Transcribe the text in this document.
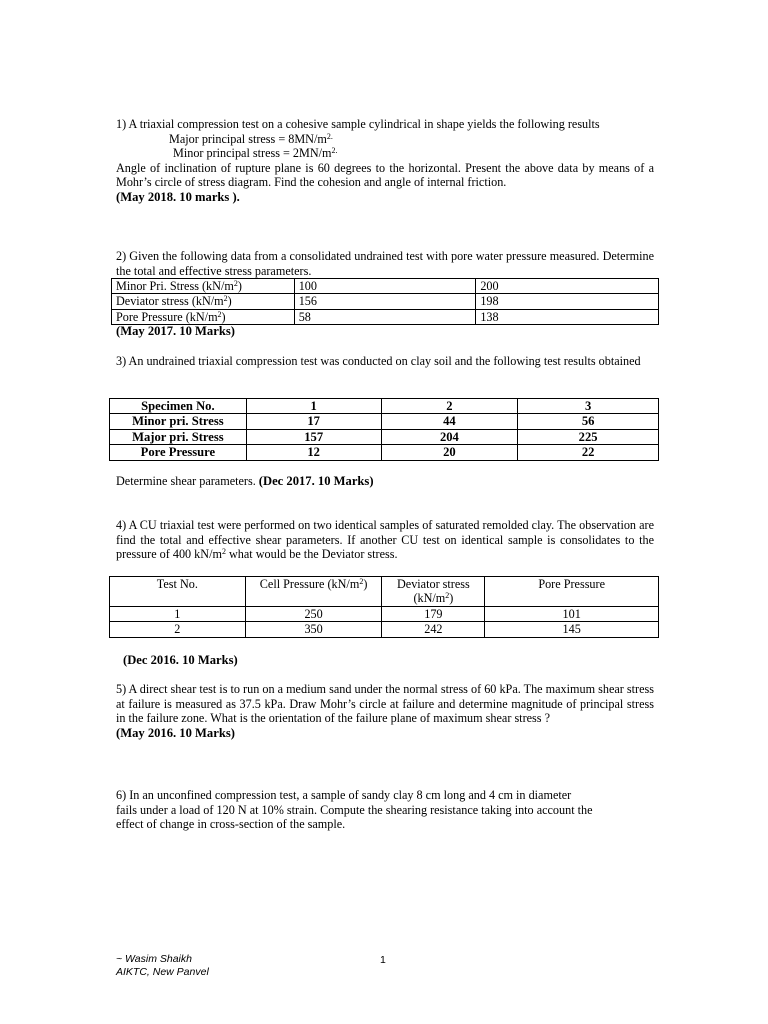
1) A triaxial compression test on a cohesive sample cylindrical in shape yields the following results

Major principal stress = $8MN/m^{2.}$

Minor principal stress = $2MN/m^{2.}$

Angle of inclination of rupture plane is 60 degrees to the horizontal. Present the above data by means of a Mohr’s circle of stress diagram. Find the cohesion and angle of internal friction.

(May 2018. 10 marks ).

2) Given the following data from a consolidated undrained test with pore water pressure measured. Determine the total and effective stress parameters.

Minor Pri. Stress $(kN/m^2)$	100	200
Deviator stress $(kN/m^2)$	156	198
Pore Pressure $(kN/m^2)$	58	138

(May 2017. 10 Marks)

3) An undrained triaxial compression test was conducted on clay soil and the following test results obtained

Specimen No.	1	2	3
Minor pri. Stress	17	44	56
Major pri. Stress	157	204	225
Pore Pressure	12	20	22

Determine shear parameters. (Dec 2017. 10 Marks)

4) A CU triaxial test were performed on two identical samples of saturated remolded clay. The observation are find the total and effective shear parameters. If another CU test on identical sample is consolidates to the pressure of 400 $kN/m^2$ what would be the Deviator stress.

Test No.	Cell Pressure $(kN/m^2)$	Deviator stress $(kN/m^2)$	Pore Pressure
1	250	179	101
2	350	242	145

(Dec 2016. 10 Marks)

5) A direct shear test is to run on a medium sand under the normal stress of 60 kPa. The maximum shear stress at failure is measured as 37.5 kPa. Draw Mohr’s circle at failure and determine magnitude of principal stress in the failure zone. What is the orientation of the failure plane of maximum shear stress ?

(May 2016. 10 Marks)

6) In an unconfined compression test, a sample of sandy clay 8 cm long and 4 cm in diameter

fails under a load of 120 N at 10% strain. Compute the shearing resistance taking into account the

effect of change in cross-section of the sample.

~ Wasim Shaikh

AIKTC, New Panvel

1
